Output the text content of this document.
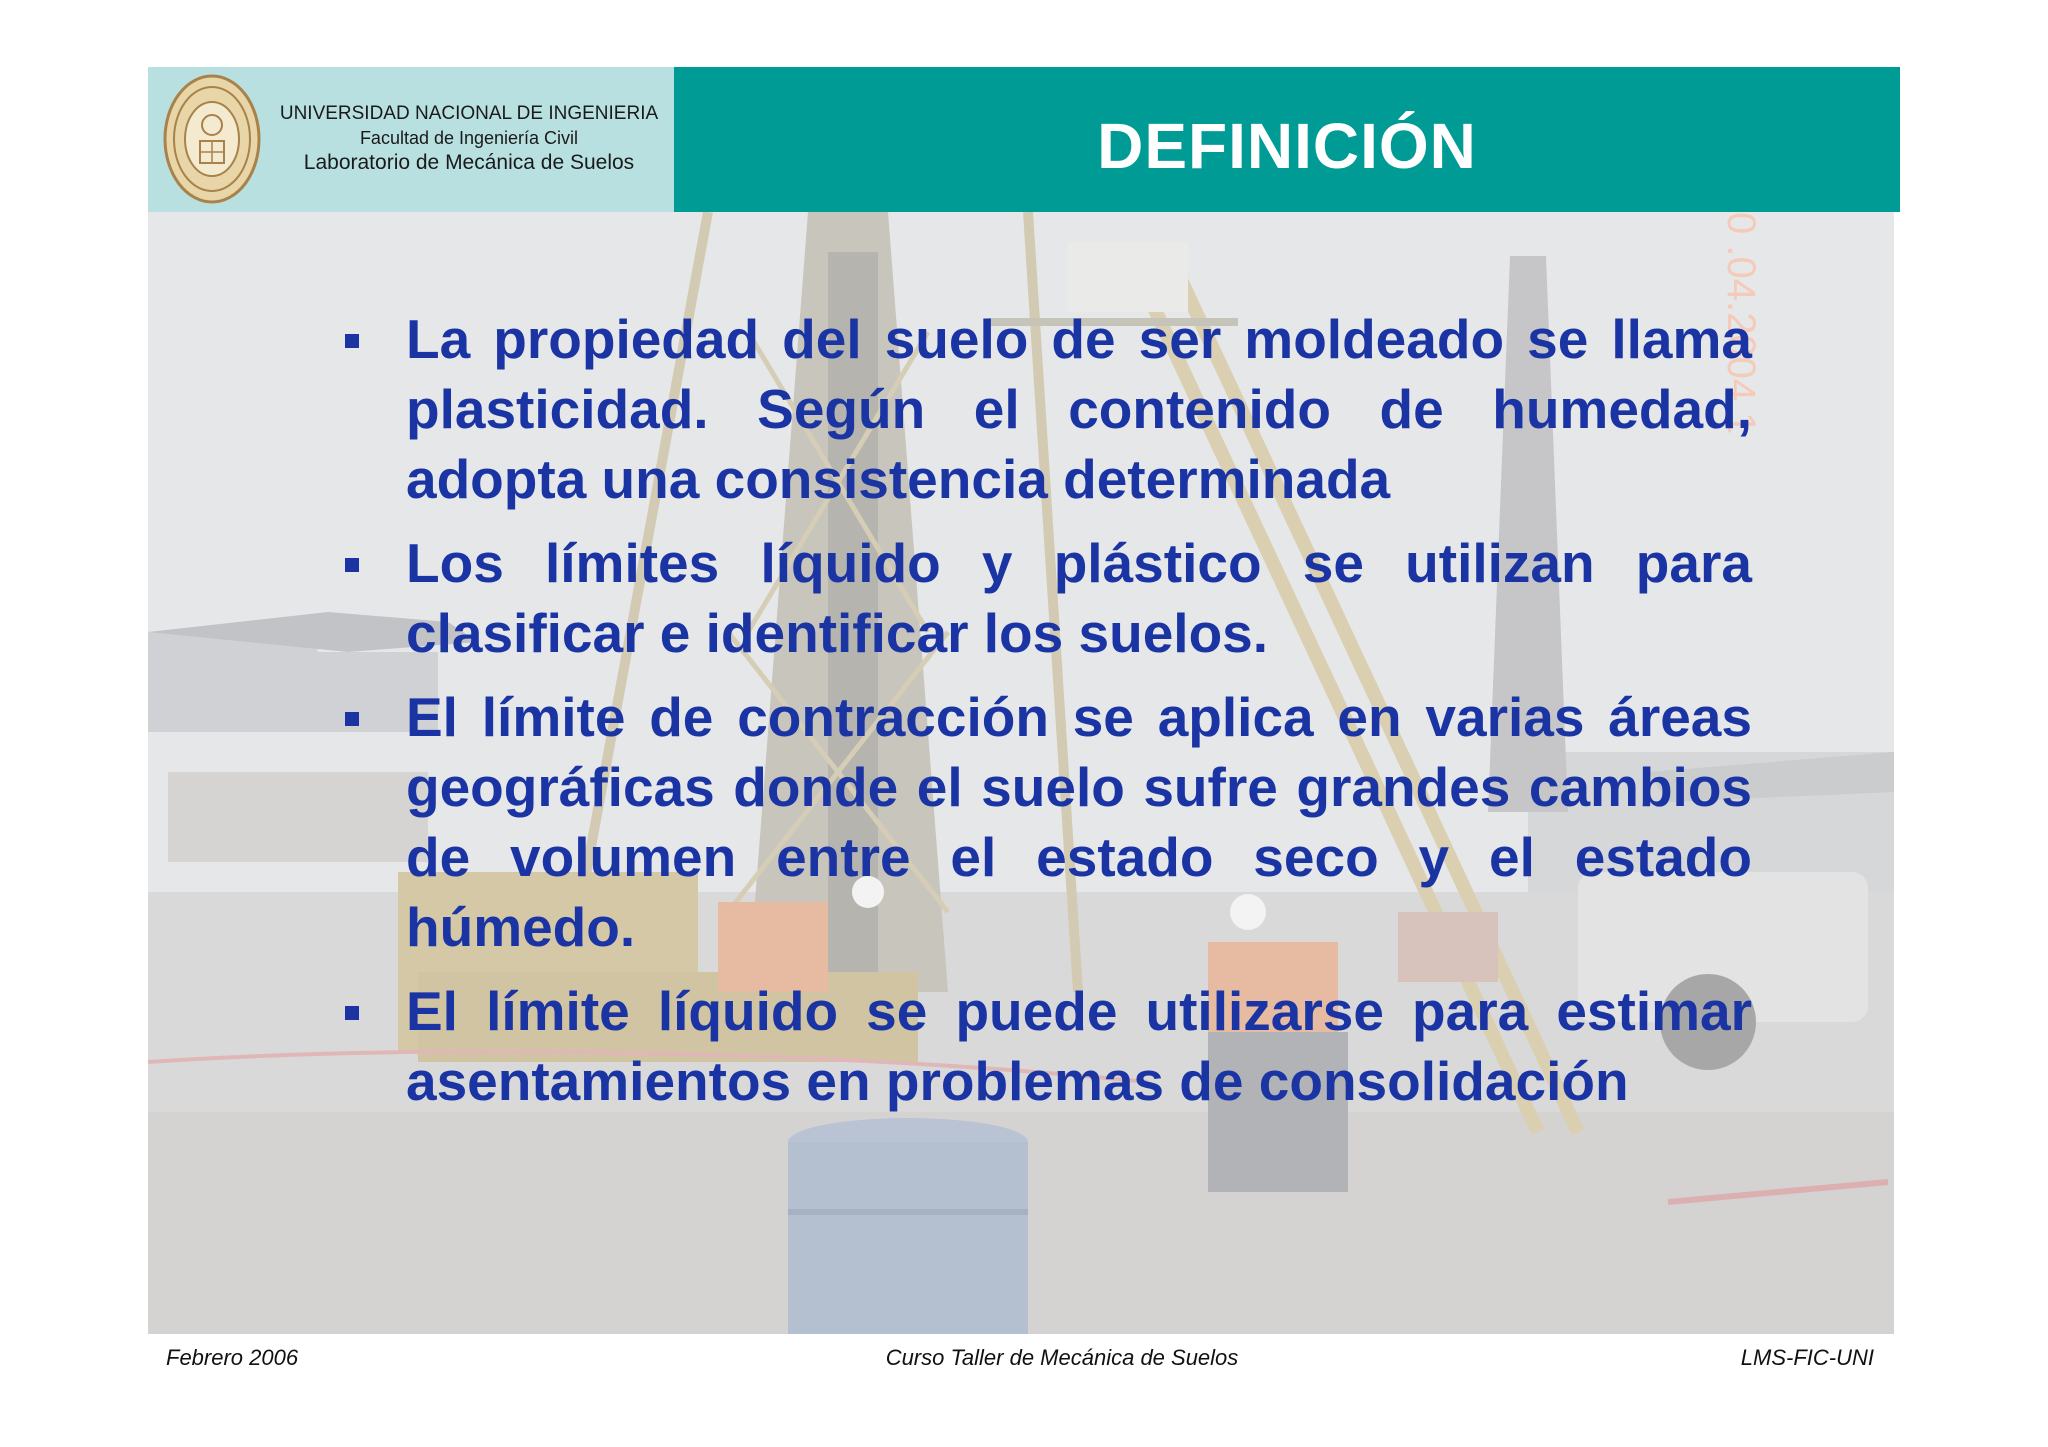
UNIVERSIDAD NACIONAL DE INGENIERIA
Facultad de Ingeniería Civil
Laboratorio de Mecánica de Suelos	DEFINICIÓN
0 .04.2004 1

La propiedad del suelo de ser moldeado se llama plasticidad. Según el contenido de humedad, adopta una consistencia determinada

Los límites líquido y plástico se utilizan para clasificar e identificar los suelos.

El límite de contracción se aplica en varias áreas geográficas donde el suelo sufre grandes cambios de volumen entre el estado seco y el estado húmedo.

El límite líquido se puede utilizarse para estimar asentamientos en problemas de consolidación

Febrero 2006	Curso Taller de Mecánica de Suelos	LMS-FIC-UNI
